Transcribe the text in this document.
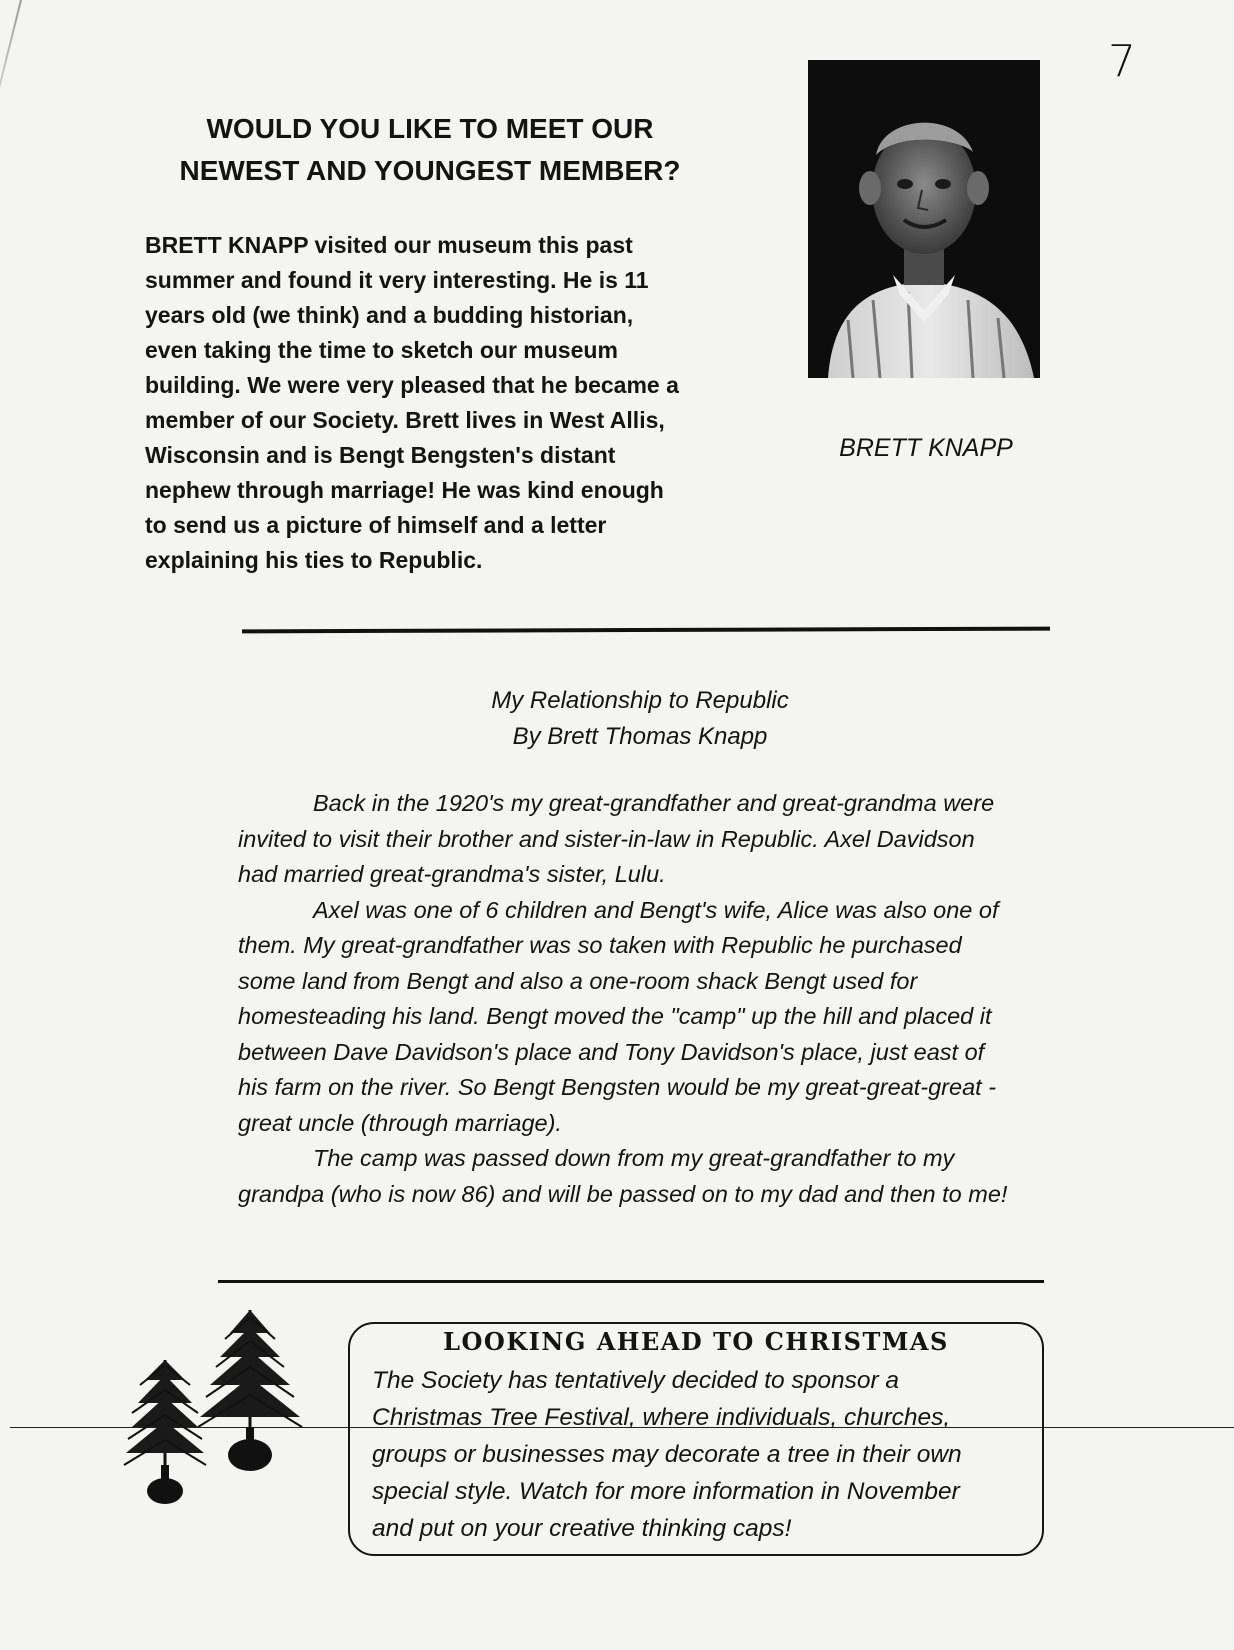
7
WOULD YOU LIKE TO MEET OUR
NEWEST AND YOUNGEST MEMBER?
BRETT KNAPP visited our museum this past
summer and found it very interesting. He is 11
years old (we think) and a budding historian,
even taking the time to sketch our museum
building. We were very pleased that he became a
member of our Society. Brett lives in West Allis,
Wisconsin and is Bengt Bengsten's distant
nephew through marriage! He was kind enough
to send us a picture of himself and a letter
explaining his ties to Republic.
BRETT KNAPP
My Relationship to Republic
By Brett Thomas Knapp

Back in the 1920's my great-grandfather and great-grandma were
invited to visit their brother and sister-in-law in Republic. Axel Davidson
had married great-grandma's sister, Lulu.

Axel was one of 6 children and Bengt's wife, Alice was also one of
them. My great-grandfather was so taken with Republic he purchased
some land from Bengt and also a one-room shack Bengt used for
homesteading his land. Bengt moved the "camp" up the hill and placed it
between Dave Davidson's place and Tony Davidson's place, just east of
his farm on the river. So Bengt Bengsten would be my great-great-great -
great uncle (through marriage).

The camp was passed down from my great-grandfather to my
grandpa (who is now 86) and will be passed on to my dad and then to me!

LOOKING AHEAD TO CHRISTMAS
The Society has tentatively decided to sponsor a
Christmas Tree Festival, where individuals, churches,
groups or businesses may decorate a tree in their own
special style. Watch for more information in November
and put on your creative thinking caps!
